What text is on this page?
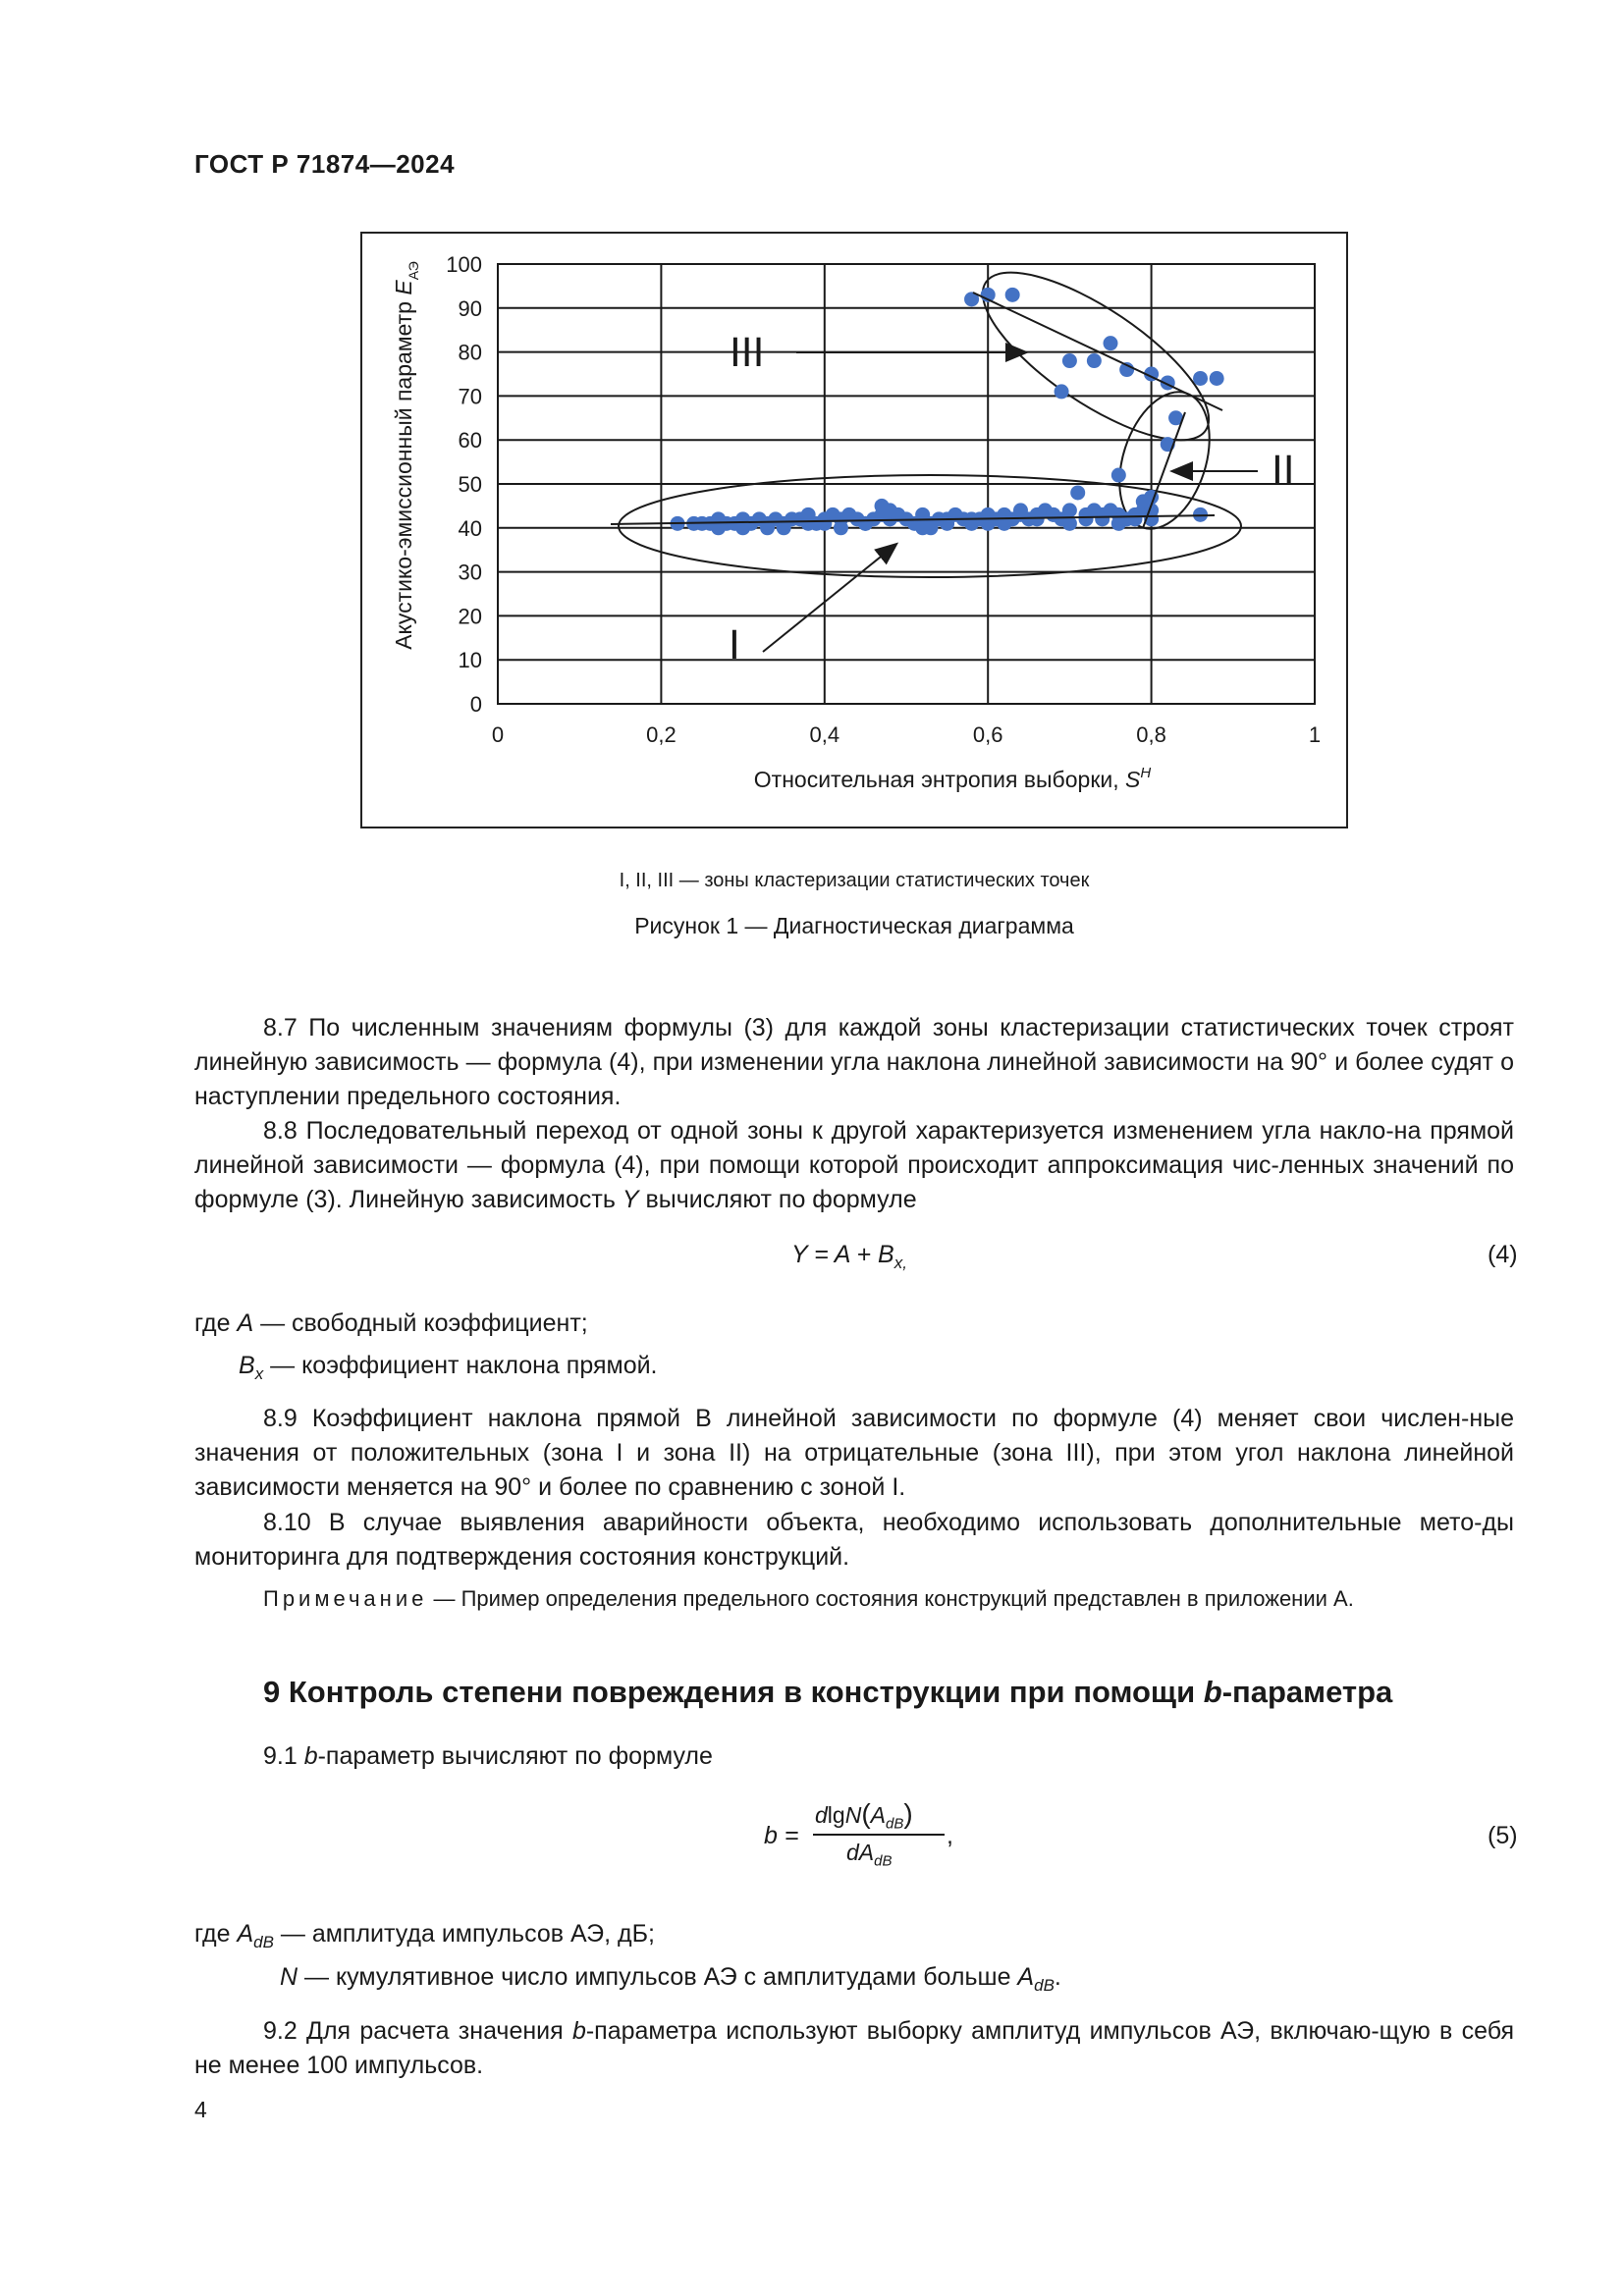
ГОСТ Р 71874—2024
0
10
20
30
40
50
60
70
80
90
100
0	0,2	0,4	0,6	0,8	1
I
II
III
Относительная энтропия выборки, $S^H$
Акустико-эмиссионный параметр $E_{АЭ}$
I, II, III — зоны кластеризации статистических точек
Рисунок 1 — Диагностическая диаграмма
8.7 По численным значениям формулы (3) для каждой зоны кластеризации статистических точек строят линейную зависимость — формула (4), при изменении угла наклона линейной зависимости на 90° и более судят о наступлении предельного состояния.
8.8 Последовательный переход от одной зоны к другой характеризуется изменением угла накло-на прямой линейной зависимости — формула (4), при помощи которой происходит аппроксимация чис-ленных значений по формуле (3). Линейную зависимость Y вычисляют по формуле
$Y = A + B_{x,}$	(4)
где A — свободный коэффициент;
$B_x$ — коэффициент наклона прямой.
8.9 Коэффициент наклона прямой В линейной зависимости по формуле (4) меняет свои числен-ные значения от положительных (зона I и зона II) на отрицательные (зона III), при этом угол наклона линейной зависимости меняется на 90° и более по сравнению с зоной I.
8.10 В случае выявления аварийности объекта, необходимо использовать дополнительные мето-ды мониторинга для подтверждения состояния конструкций.
Примечание — Пример определения предельного состояния конструкций представлен в приложении А.
9 Контроль степени повреждения в конструкции при помощи b-параметра
9.1 b-параметр вычисляют по формуле
b =
$dlgN(A_{dB})$
$dA_{dB}$
,	(5)
где $A_{dB}$ — амплитуда импульсов АЭ, дБ;
N — кумулятивное число импульсов АЭ с амплитудами больше $A_{dB}$.
9.2 Для расчета значения b-параметра используют выборку амплитуд импульсов АЭ, включаю-щую в себя не менее 100 импульсов.
4
